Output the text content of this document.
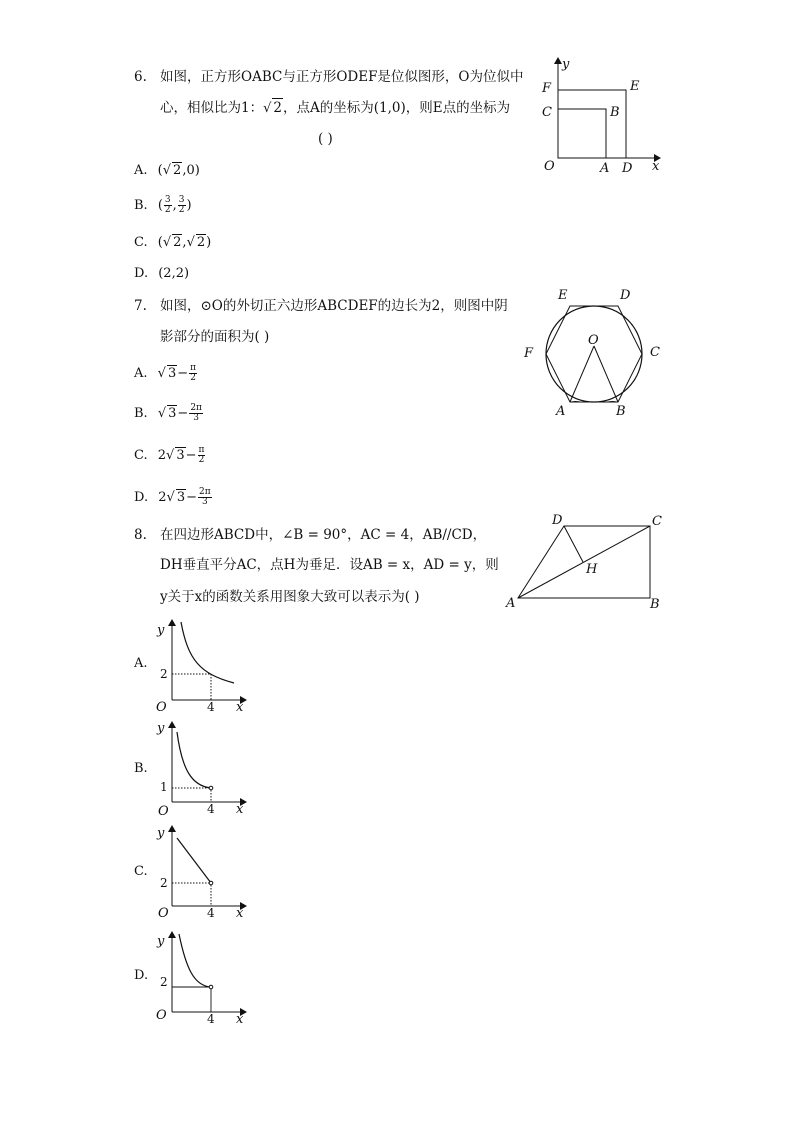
6. 如图，正方形OABC与正方形ODEF是位似图形，O为位似中
心，相似比为1：√ 2，点A的坐标为(1,0)，则E点的坐标为
( )
A. (√ 2,0)
B. ( $\frac{3}{2}$ , $\frac{3}{2}$ )
C. (√ 2,√ 2)
D. (2,2)
y
x
F	E
C	B
O	A D
7. 如图，⊙O的外切正六边形ABCDEF的边长为2，则图中阴
影部分的面积为( )
A. √ $3- \frac{\pi}{2}$
B. √ $3- \frac{2\pi}{3}$
C. 2√ $3- \frac{\pi}{2}$
D. 2√ $3- \frac{2\pi}{3}$
E	D
F	C
O
A	B
8. 在四边形ABCD中，∠B = 90°，AC = 4，AB//CD，
DH垂直平分AC，点H为垂足．设AB = x，AD = y，则
y关于x的函数关系用图象大致可以表示为( )
D	C
H
A	B
A.
y
x
O
2
4
B.
y
x
O
1
4
C.
y
x
O
2
4
D.
y
x
O
2
4
